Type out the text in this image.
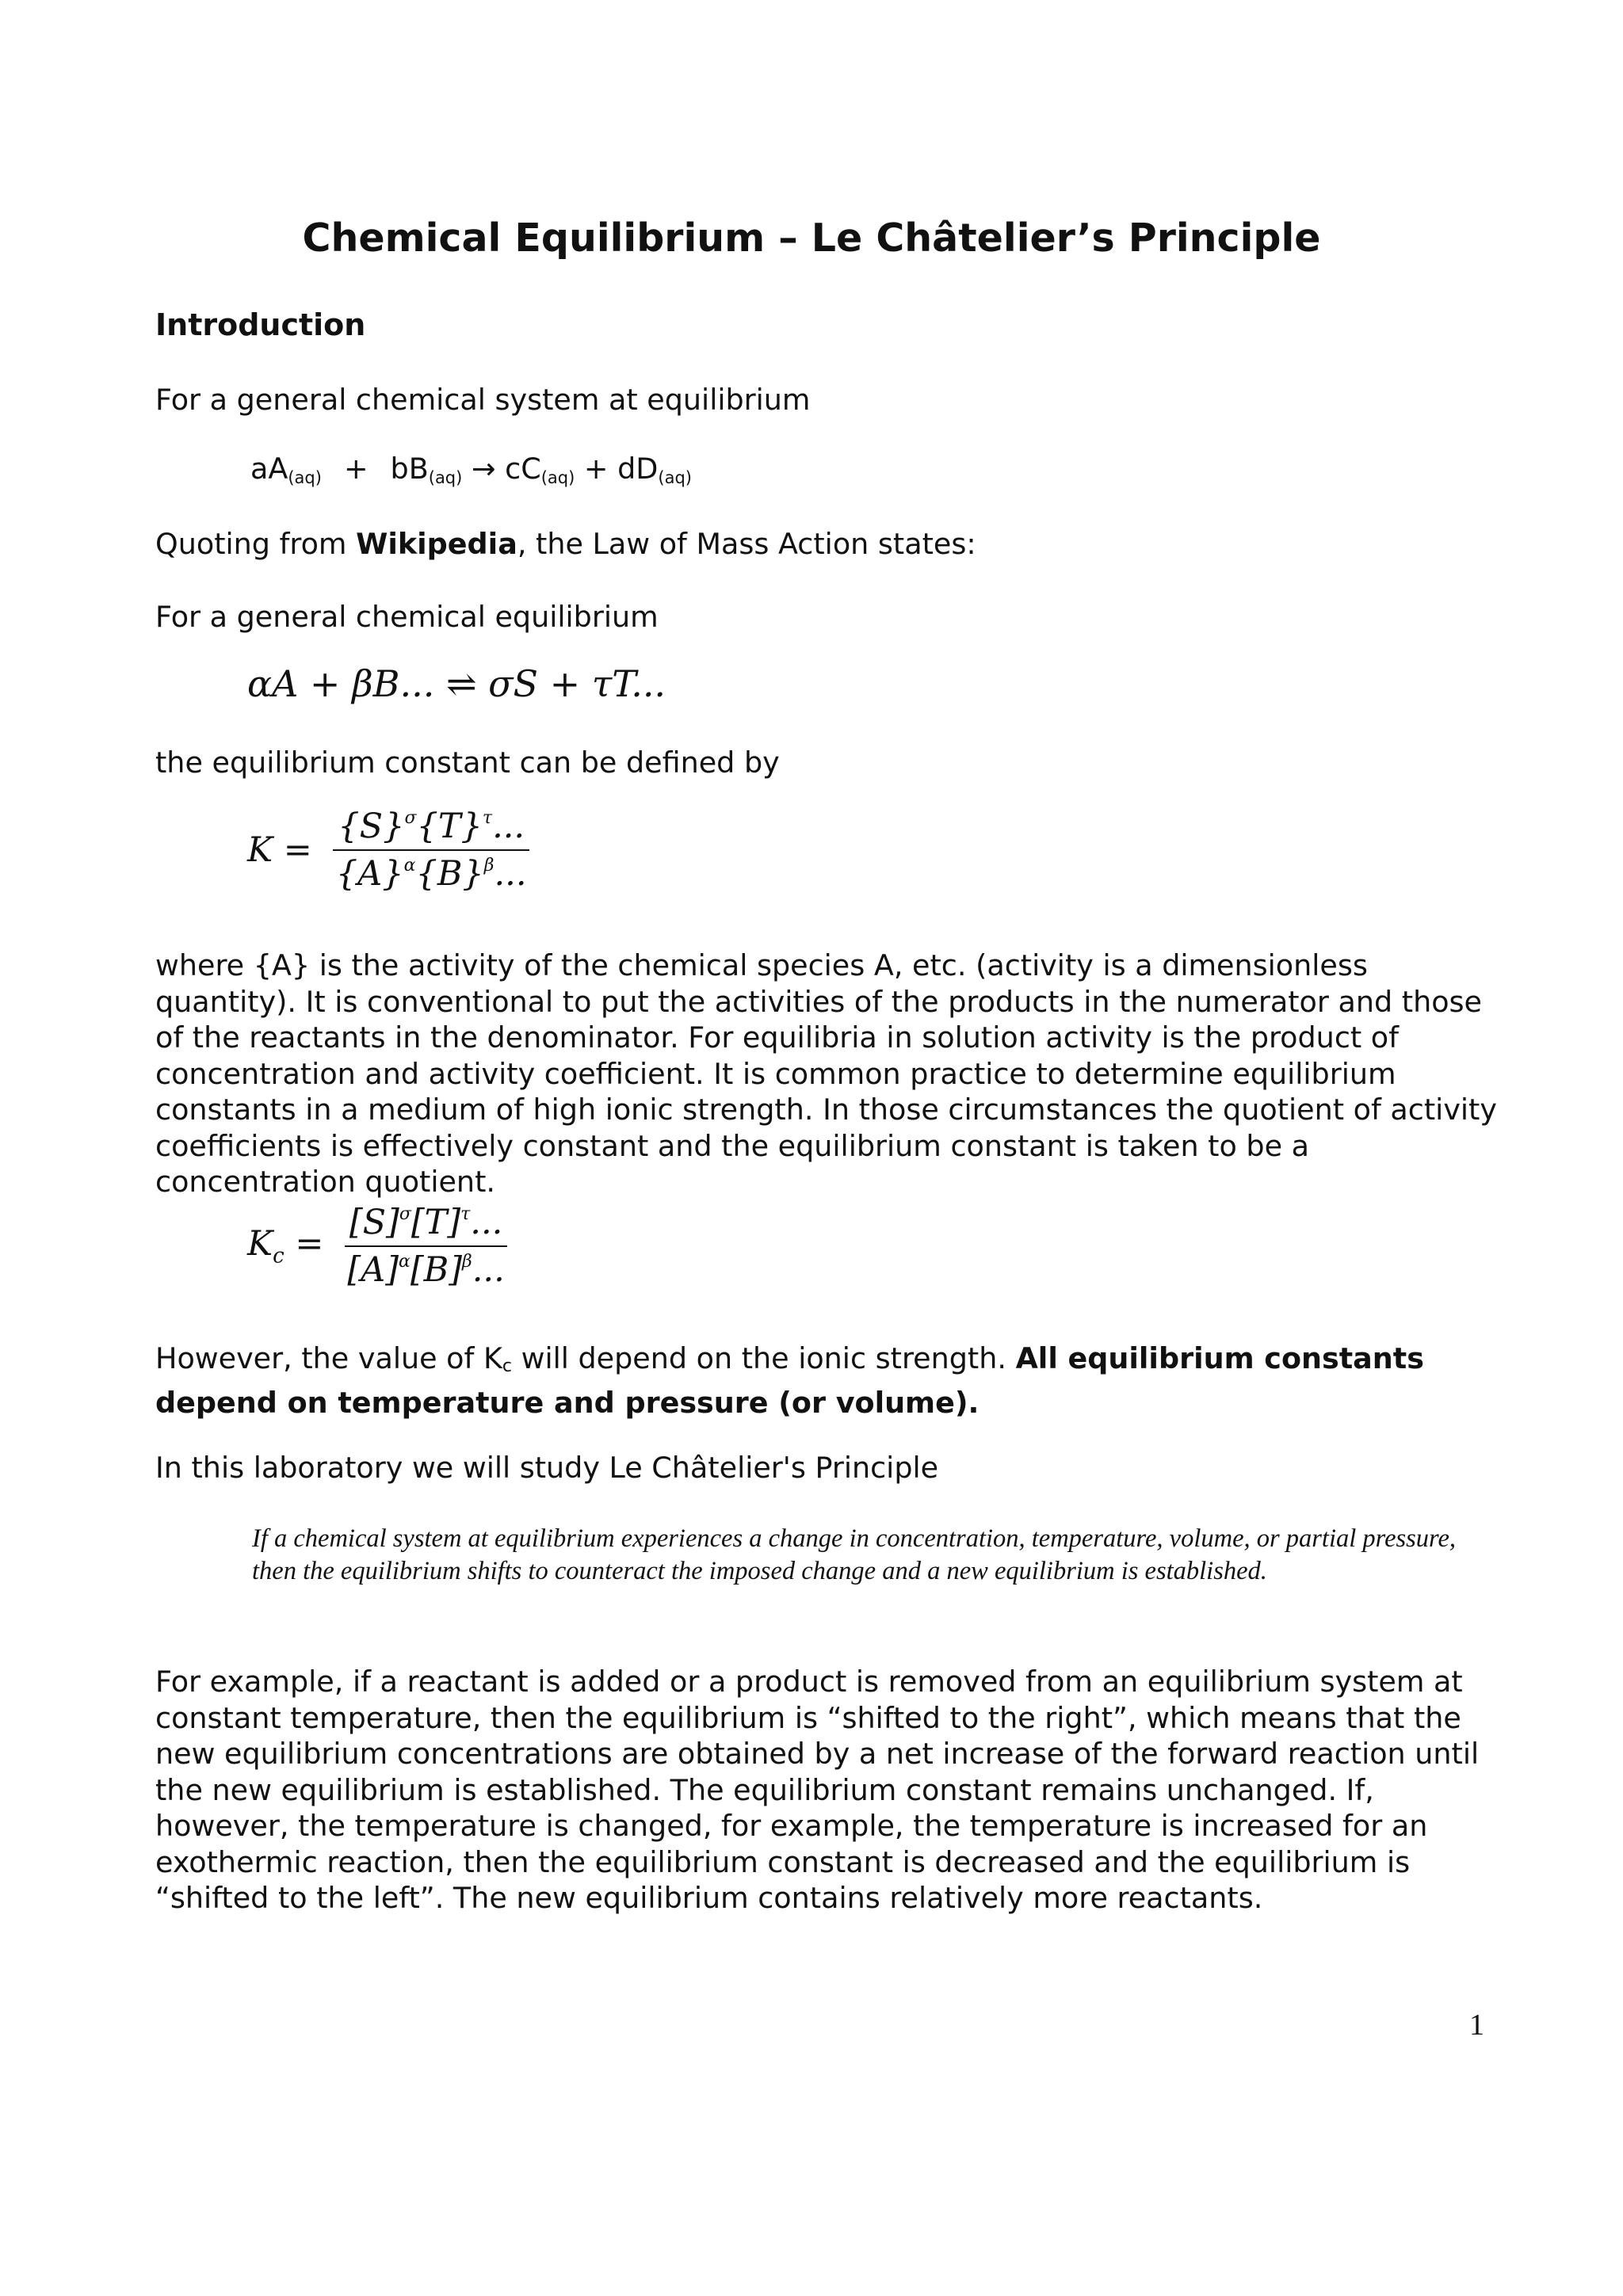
Chemical Equilibrium – Le Châtelier’s Principle
Introduction
For a general chemical system at equilibrium
$aA_{(aq)} + bB_{(aq)} \to cC_{(aq)} + dD_{(aq)}$
Quoting from Wikipedia, the Law of Mass Action states:
For a general chemical equilibrium
αA + βB... ⇌ σS + τT...
the equilibrium constant can be defined by
$K = \frac{\{S\}^\sigma\{T\}^\tau...}{\{A\}^\alpha\{B\}^\beta...}$
where {A} is the activity of the chemical species A, etc. (activity is a dimensionless quantity). It is conventional to put the activities of the products in the numerator and those of the reactants in the denominator. For equilibria in solution activity is the product of concentration and activity coefficient. It is common practice to determine equilibrium constants in a medium of high ionic strength. In those circumstances the quotient of activity coefficients is effectively constant and the equilibrium constant is taken to be a concentration quotient.
$K_c = \frac{[S]^\sigma[T]^\tau...}{[A]^\alpha[B]^\beta...}$
However, the value of $K_c$ will depend on the ionic strength. All equilibrium constants depend on temperature and pressure (or volume).
In this laboratory we will study Le Châtelier's Principle
If a chemical system at equilibrium experiences a change in concentration, temperature, volume, or partial pressure, then the equilibrium shifts to counteract the imposed change and a new equilibrium is established.
For example, if a reactant is added or a product is removed from an equilibrium system at constant temperature, then the equilibrium is “shifted to the right”, which means that the new equilibrium concentrations are obtained by a net increase of the forward reaction until the new equilibrium is established. The equilibrium constant remains unchanged. If, however, the temperature is changed, for example, the temperature is increased for an exothermic reaction, then the equilibrium constant is decreased and the equilibrium is “shifted to the left”. The new equilibrium contains relatively more reactants.
1
